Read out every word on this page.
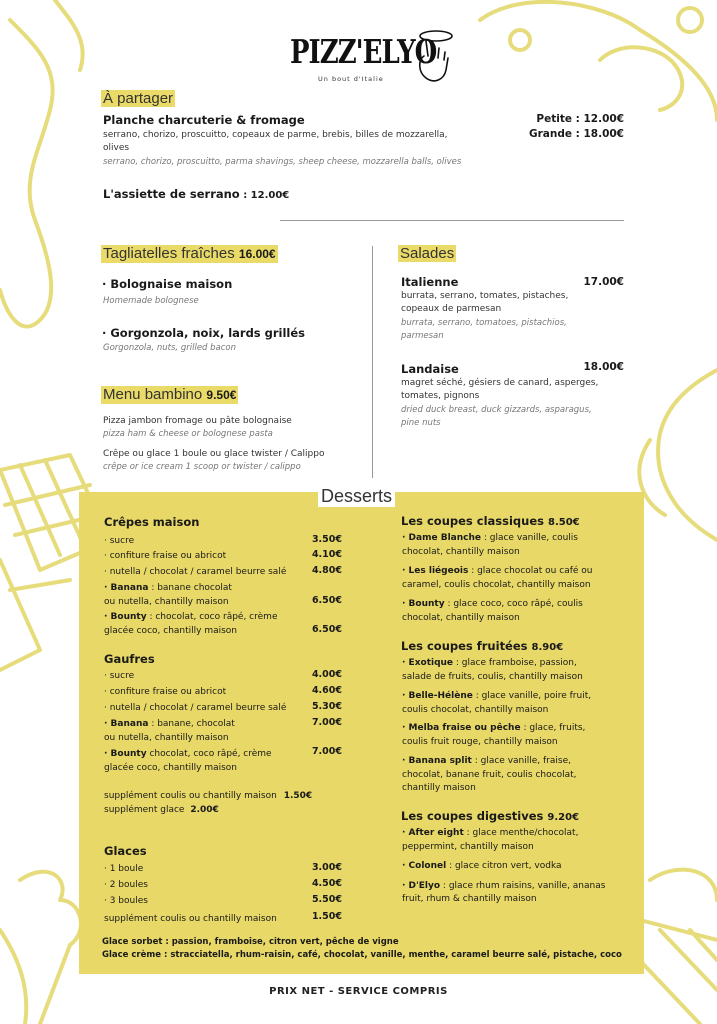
PIZZ'ELYO
Un bout d'Italie
À partager
Planche charcuterie & fromage
serrano, chorizo, proscuitto, copeaux de parme, brebis, billes de mozzarella,
olives
serrano, chorizo, proscuitto, parma shavings, sheep cheese, mozzarella balls, olives
Petite : 12.00€
Grande : 18.00€
L'assiette de serrano : 12.00€
Tagliatelles fraîches 16.00€
· Bolognaise maison
Homemade bolognese
· Gorgonzola, noix, lards grillés
Gorgonzola, nuts, grilled bacon
Menu bambino 9.50€
Pizza jambon fromage ou pâte bolognaise
pizza ham & cheese or bolognese pasta
Crêpe ou glace 1 boule ou glace twister / Calippo
crêpe or ice cream 1 scoop or twister / calippo
Salades
Italienne	17.00€
burrata, serrano, tomates, pistaches,
copeaux de parmesan
burrata, serrano, tomatoes, pistachios,
parmesan
Landaise	18.00€
magret séché, gésiers de canard, asperges,
tomates, pignons
dried duck breast, duck gizzards, asparagus,
pine nuts
Desserts
Crêpes maison
· sucre	3.50€
· confiture fraise ou abricot	4.10€
· nutella / chocolat / caramel beurre salé	4.80€
· Banana : banane chocolat
ou nutella, chantilly maison	6.50€
· Bounty : chocolat, coco râpé, crème
glacée coco, chantilly maison	6.50€
Gaufres
· sucre	4.00€
· confiture fraise ou abricot	4.60€
· nutella / chocolat / caramel beurre salé	5.30€
· Banana : banane, chocolat	7.00€
ou nutella, chantilly maison
· Bounty chocolat, coco râpé, crème	7.00€
glacée coco, chantilly maison
supplément coulis ou chantilly maison 1.50€
supplément glace 2.00€
Glaces
· 1 boule	3.00€
· 2 boules	4.50€
· 3 boules	5.50€
supplément coulis ou chantilly maison	1.50€
Les coupes classiques 8.50€
· Dame Blanche : glace vanille, coulis
chocolat, chantilly maison
· Les liégeois : glace chocolat ou café ou
caramel, coulis chocolat, chantilly maison
· Bounty : glace coco, coco râpé, coulis
chocolat, chantilly maison
Les coupes fruitées 8.90€
· Exotique : glace framboise, passion,
salade de fruits, coulis, chantilly maison
· Belle-Hélène : glace vanille, poire fruit,
coulis chocolat, chantilly maison
· Melba fraise ou pêche : glace, fruits,
coulis fruit rouge, chantilly maison
· Banana split : glace vanille, fraise,
chocolat, banane fruit, coulis chocolat,
chantilly maison
Les coupes digestives 9.20€
· After eight : glace menthe/chocolat,
peppermint, chantilly maison
· Colonel : glace citron vert, vodka
· D'Elyo : glace rhum raisins, vanille, ananas
fruit, rhum & chantilly maison
Glace sorbet : passion, framboise, citron vert, pêche de vigne
Glace crème : stracciatella, rhum-raisin, café, chocolat, vanille, menthe, caramel beurre salé, pistache, coco
PRIX NET - SERVICE COMPRIS
